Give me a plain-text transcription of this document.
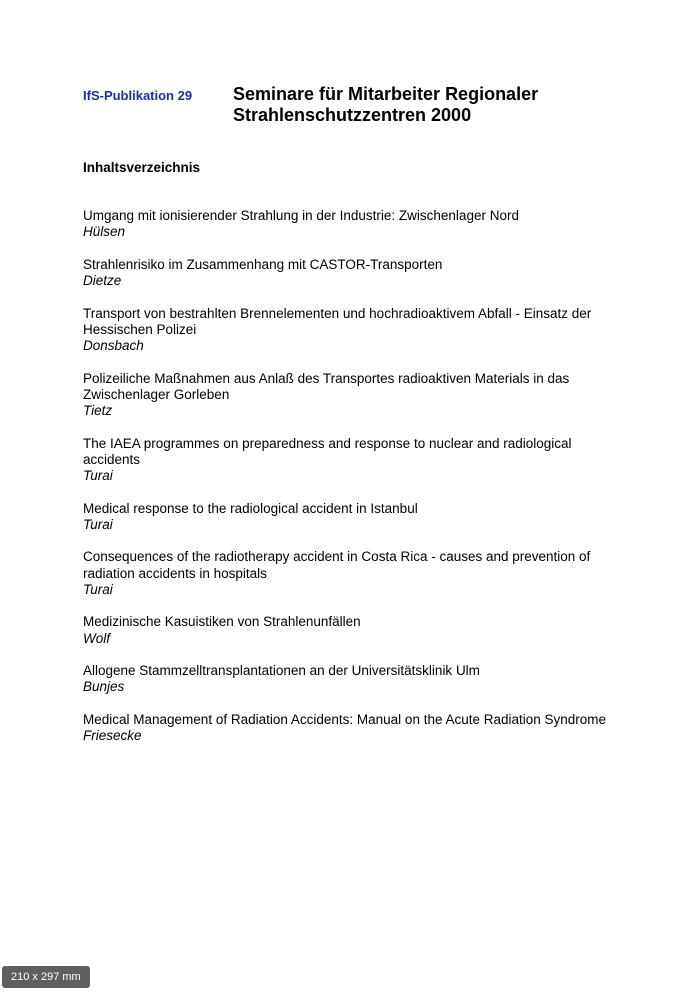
IfS-Publikation 29 Seminare für Mitarbeiter Regionaler Strahlenschutzzentren 2000
Inhaltsverzeichnis
Umgang mit ionisierender Strahlung in der Industrie: Zwischenlager Nord
Hülsen
Strahlenrisiko im Zusammenhang mit CASTOR-Transporten
Dietze
Transport von bestrahlten Brennelementen und hochradioaktivem Abfall - Einsatz der Hessischen Polizei
Donsbach
Polizeiliche Maßnahmen aus Anlaß des Transportes radioaktiven Materials in das Zwischenlager Gorleben
Tietz
The IAEA programmes on preparedness and response to nuclear and radiological accidents
Turai
Medical response to the radiological accident in Istanbul
Turai
Consequences of the radiotherapy accident in Costa Rica - causes and prevention of radiation accidents in hospitals
Turai
Medizinische Kasuistiken von Strahlenunfällen
Wolf
Allogene Stammzelltransplantationen an der Universitätsklinik Ulm
Bunjes
Medical Management of Radiation Accidents: Manual on the Acute Radiation Syndrome
Friesecke
210 x 297 mm
